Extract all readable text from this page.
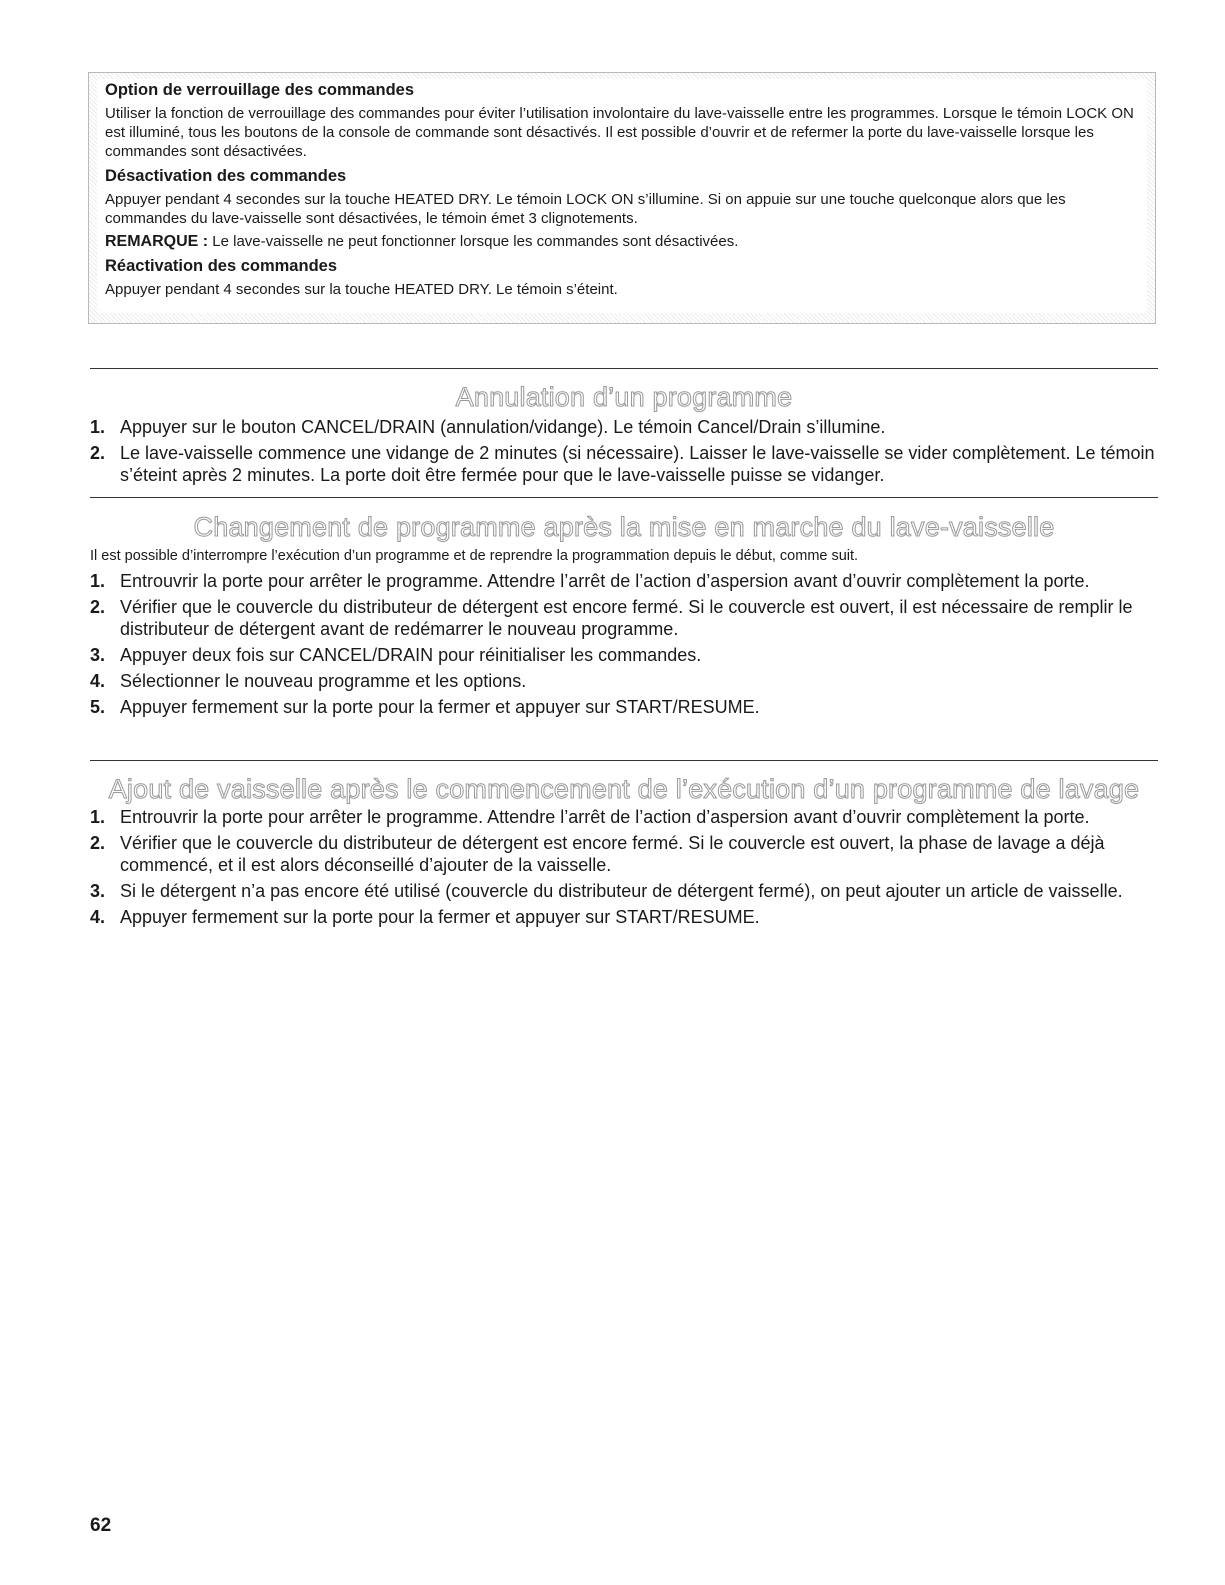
Option de verrouillage des commandes

Utiliser la fonction de verrouillage des commandes pour éviter l’utilisation involontaire du lave-vaisselle entre les programmes. Lorsque le témoin LOCK ON est illuminé, tous les boutons de la console de commande sont désactivés. Il est possible d’ouvrir et de refermer la porte du lave-vaisselle lorsque les commandes sont désactivées.

Désactivation des commandes

Appuyer pendant 4 secondes sur la touche HEATED DRY. Le témoin LOCK ON s’illumine. Si on appuie sur une touche quelconque alors que les commandes du lave-vaisselle sont désactivées, le témoin émet 3 clignotements.

REMARQUE : Le lave-vaisselle ne peut fonctionner lorsque les commandes sont désactivées.

Réactivation des commandes

Appuyer pendant 4 secondes sur la touche HEATED DRY. Le témoin s’éteint.

Annulation d’un programme
1. Appuyer sur le bouton CANCEL/DRAIN (annulation/vidange). Le témoin Cancel/Drain s’illumine.
2. Le lave-vaisselle commence une vidange de 2 minutes (si nécessaire). Laisser le lave-vaisselle se vider complètement. Le témoin s’éteint après 2 minutes. La porte doit être fermée pour que le lave-vaisselle puisse se vidanger.
Changement de programme après la mise en marche du lave-vaisselle
Il est possible d’interrompre l’exécution d’un programme et de reprendre la programmation depuis le début, comme suit.
1. Entrouvrir la porte pour arrêter le programme. Attendre l’arrêt de l’action d’aspersion avant d’ouvrir complètement la porte.
2. Vérifier que le couvercle du distributeur de détergent est encore fermé. Si le couvercle est ouvert, il est nécessaire de remplir le distributeur de détergent avant de redémarrer le nouveau programme.
3. Appuyer deux fois sur CANCEL/DRAIN pour réinitialiser les commandes.
4. Sélectionner le nouveau programme et les options.
5. Appuyer fermement sur la porte pour la fermer et appuyer sur START/RESUME.
Ajout de vaisselle après le commencement de l’exécution d’un programme de lavage
1. Entrouvrir la porte pour arrêter le programme. Attendre l’arrêt de l’action d’aspersion avant d’ouvrir complètement la porte.
2. Vérifier que le couvercle du distributeur de détergent est encore fermé. Si le couvercle est ouvert, la phase de lavage a déjà commencé, et il est alors déconseillé d’ajouter de la vaisselle.
3. Si le détergent n’a pas encore été utilisé (couvercle du distributeur de détergent fermé), on peut ajouter un article de vaisselle.
4. Appuyer fermement sur la porte pour la fermer et appuyer sur START/RESUME.
62
